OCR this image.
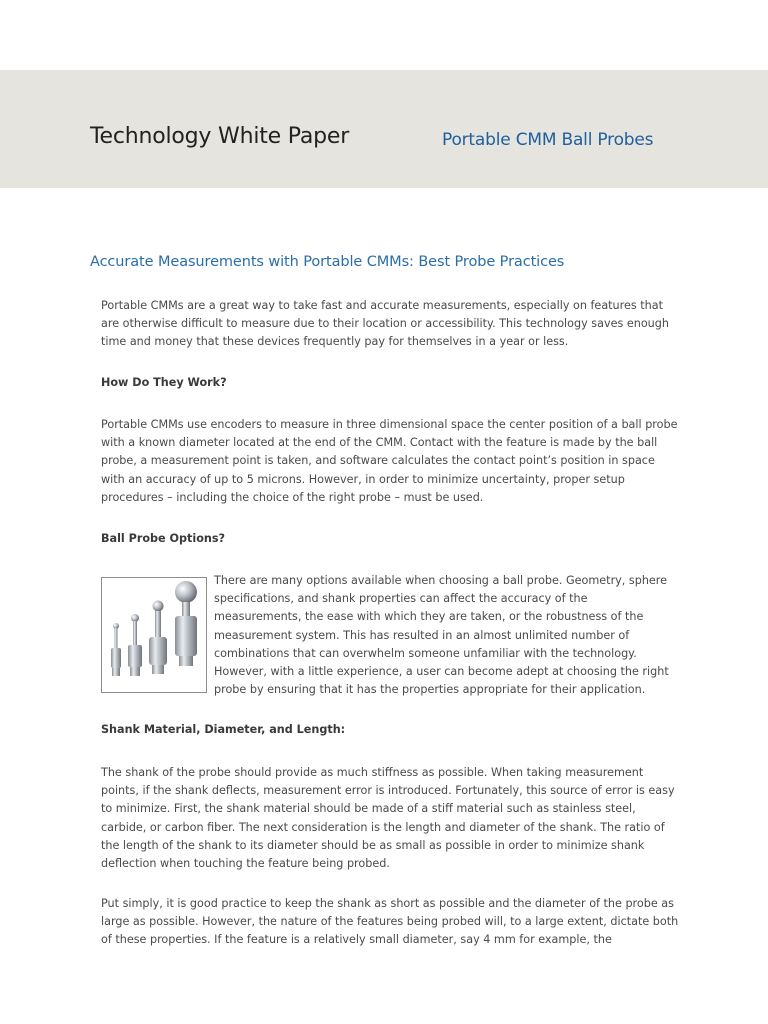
Technology White Paper	Portable CMM Ball Probes
Accurate Measurements with Portable CMMs: Best Probe Practices

Portable CMMs are a great way to take fast and accurate measurements, especially on features that are otherwise difficult to measure due to their location or accessibility. This technology saves enough time and money that these devices frequently pay for themselves in a year or less.

How Do They Work?

Portable CMMs use encoders to measure in three dimensional space the center position of a ball probe with a known diameter located at the end of the CMM. Contact with the feature is made by the ball probe, a measurement point is taken, and software calculates the contact point’s position in space with an accuracy of up to 5 microns. However, in order to minimize uncertainty, proper setup procedures – including the choice of the right probe – must be used.

Ball Probe Options?

There are many options available when choosing a ball probe. Geometry, sphere specifications, and shank properties can affect the accuracy of the measurements, the ease with which they are taken, or the robustness of the measurement system. This has resulted in an almost unlimited number of combinations that can overwhelm someone unfamiliar with the technology. However, with a little experience, a user can become adept at choosing the right probe by ensuring that it has the properties appropriate for their application.

Shank Material, Diameter, and Length:

The shank of the probe should provide as much stiffness as possible. When taking measurement points, if the shank deflects, measurement error is introduced. Fortunately, this source of error is easy to minimize. First, the shank material should be made of a stiff material such as stainless steel, carbide, or carbon fiber. The next consideration is the length and diameter of the shank. The ratio of the length of the shank to its diameter should be as small as possible in order to minimize shank deflection when touching the feature being probed.

Put simply, it is good practice to keep the shank as short as possible and the diameter of the probe as large as possible. However, the nature of the features being probed will, to a large extent, dictate both of these properties. If the feature is a relatively small diameter, say 4 mm for example, the
